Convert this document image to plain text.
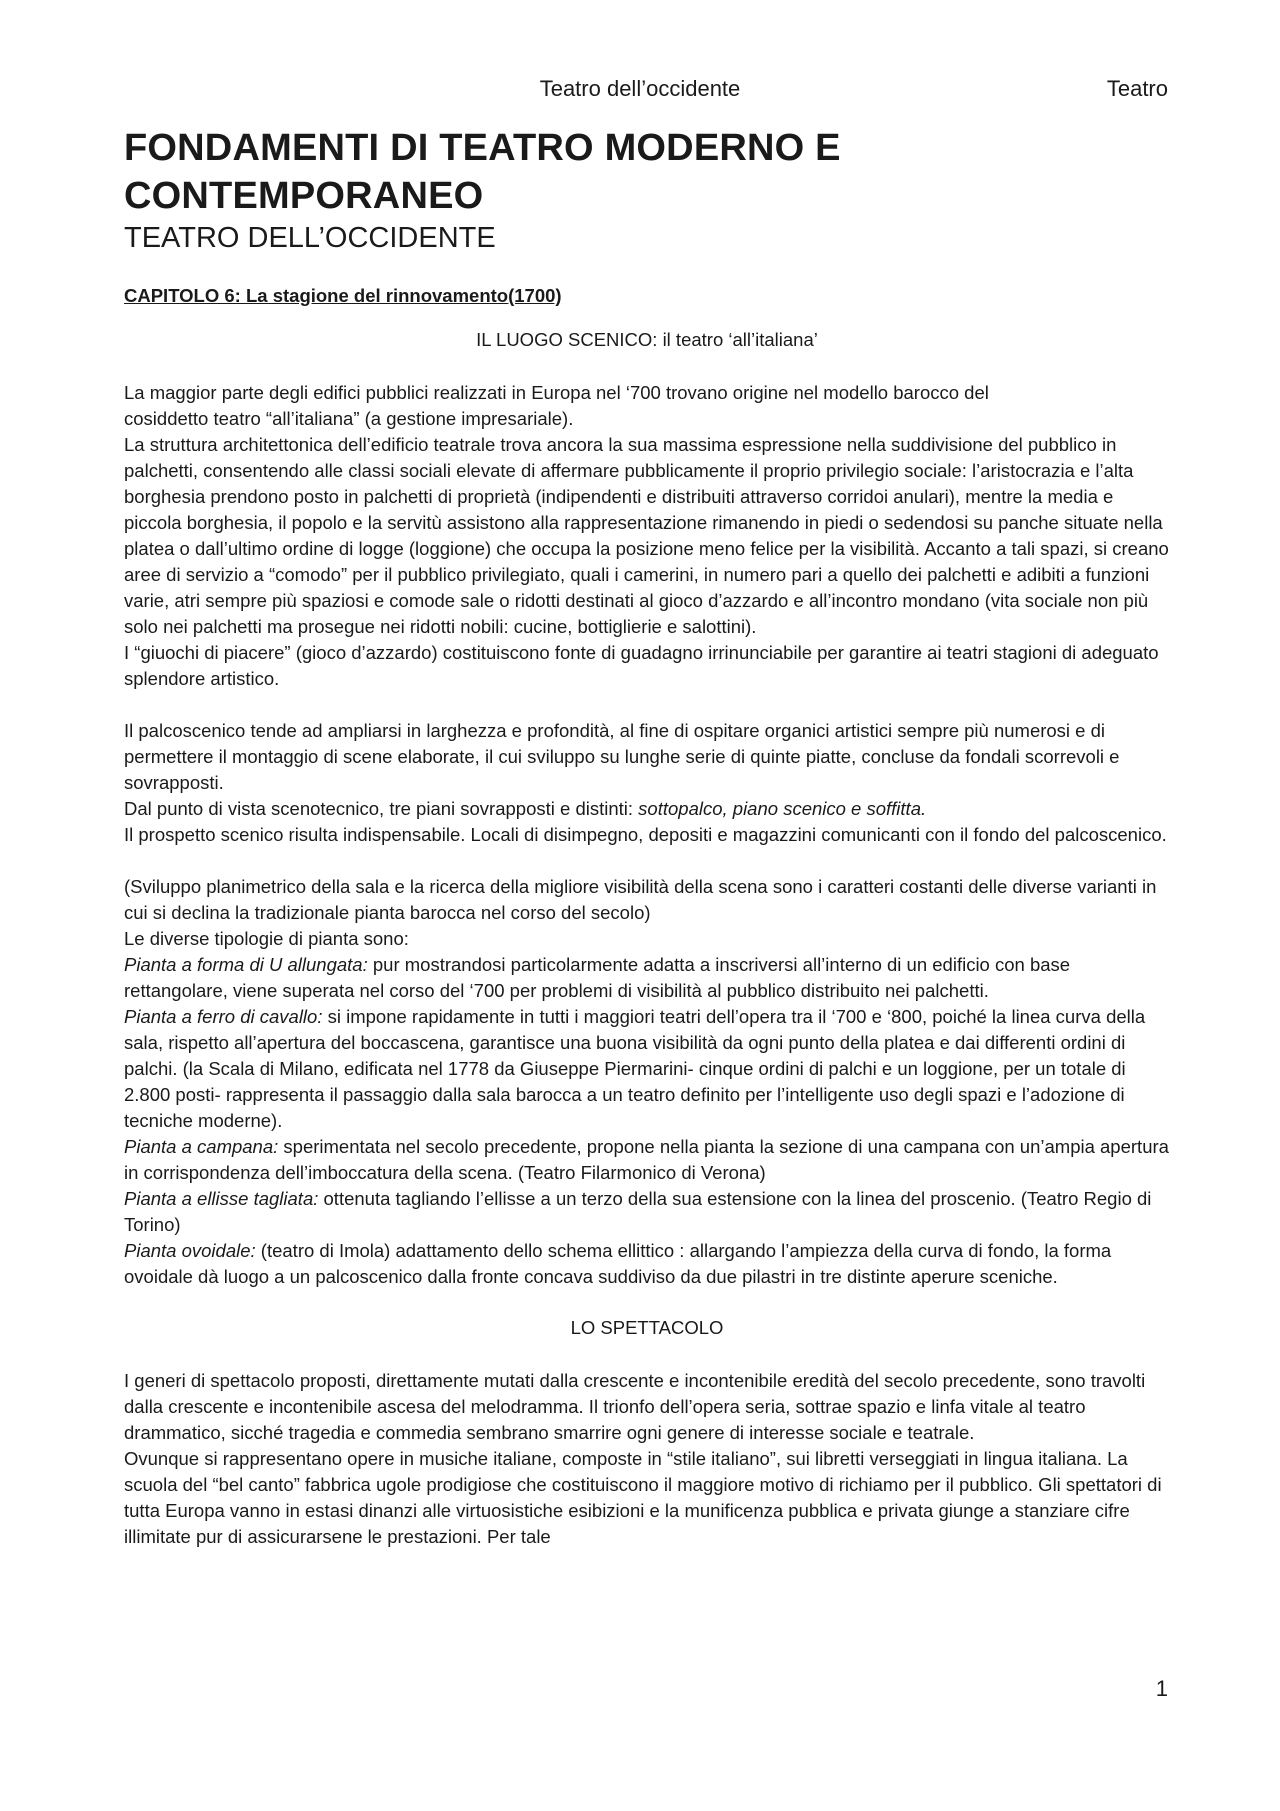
Teatro dell’occidente	Teatro
FONDAMENTI DI TEATRO MODERNO E
CONTEMPORANEO
TEATRO DELL’OCCIDENTE
CAPITOLO 6: La stagione del rinnovamento(1700)
IL LUOGO SCENICO: il teatro ‘all’italiana’

La maggior parte degli edifici pubblici realizzati in Europa nel ‘700 trovano origine nel modello barocco del
cosiddetto teatro “all’italiana” (a gestione impresariale).

La struttura architettonica dell’edificio teatrale trova ancora la sua massima espressione nella suddivisione del pubblico in palchetti, consentendo alle classi sociali elevate di affermare pubblicamente il proprio privilegio sociale: l’aristocrazia e l’alta borghesia prendono posto in palchetti di proprietà (indipendenti e distribuiti attraverso corridoi anulari), mentre la media e piccola borghesia, il popolo e la servitù assistono alla rappresentazione rimanendo in piedi o sedendosi su panche situate nella platea o dall’ultimo ordine di logge (loggione) che occupa la posizione meno felice per la visibilità. Accanto a tali spazi, si creano aree di servizio a “comodo” per il pubblico privilegiato, quali i camerini, in numero pari a quello dei palchetti e adibiti a funzioni varie, atri sempre più spaziosi e comode sale o ridotti destinati al gioco d’azzardo e all’incontro mondano (vita sociale non più solo nei palchetti ma prosegue nei ridotti nobili: cucine, bottiglierie e salottini).

I “giuochi di piacere” (gioco d’azzardo) costituiscono fonte di guadagno irrinunciabile per garantire ai teatri stagioni di adeguato splendore artistico.

Il palcoscenico tende ad ampliarsi in larghezza e profondità, al fine di ospitare organici artistici sempre più numerosi e di permettere il montaggio di scene elaborate, il cui sviluppo su lunghe serie di quinte piatte, concluse da fondali scorrevoli e sovrapposti.

Dal punto di vista scenotecnico, tre piani sovrapposti e distinti: sottopalco, piano scenico e soffitta.

Il prospetto scenico risulta indispensabile. Locali di disimpegno, depositi e magazzini comunicanti con il fondo del palcoscenico.

(Sviluppo planimetrico della sala e la ricerca della migliore visibilità della scena sono i caratteri costanti delle diverse varianti in cui si declina la tradizionale pianta barocca nel corso del secolo)

Le diverse tipologie di pianta sono:

Pianta a forma di U allungata: pur mostrandosi particolarmente adatta a inscriversi all’interno di un edificio con base rettangolare, viene superata nel corso del ‘700 per problemi di visibilità al pubblico distribuito nei palchetti.

Pianta a ferro di cavallo: si impone rapidamente in tutti i maggiori teatri dell’opera tra il ‘700 e ‘800, poiché la linea curva della sala, rispetto all’apertura del boccascena, garantisce una buona visibilità da ogni punto della platea e dai differenti ordini di palchi. (la Scala di Milano, edificata nel 1778 da Giuseppe Piermarini- cinque ordini di palchi e un loggione, per un totale di 2.800 posti- rappresenta il passaggio dalla sala barocca a un teatro definito per l’intelligente uso degli spazi e l’adozione di tecniche moderne).

Pianta a campana: sperimentata nel secolo precedente, propone nella pianta la sezione di una campana con un’ampia apertura in corrispondenza dell’imboccatura della scena. (Teatro Filarmonico di Verona)

Pianta a ellisse tagliata: ottenuta tagliando l’ellisse a un terzo della sua estensione con la linea del proscenio. (Teatro Regio di Torino)

Pianta ovoidale: (teatro di Imola) adattamento dello schema ellittico : allargando l’ampiezza della curva di fondo, la forma ovoidale dà luogo a un palcoscenico dalla fronte concava suddiviso da due pilastri in tre distinte aperure sceniche.

LO SPETTACOLO

I generi di spettacolo proposti, direttamente mutati dalla crescente e incontenibile eredità del secolo precedente, sono travolti dalla crescente e incontenibile ascesa del melodramma. Il trionfo dell’opera seria, sottrae spazio e linfa vitale al teatro drammatico, sicché tragedia e commedia sembrano smarrire ogni genere di interesse sociale e teatrale.

Ovunque si rappresentano opere in musiche italiane, composte in “stile italiano”, sui libretti verseggiati in lingua italiana. La scuola del “bel canto” fabbrica ugole prodigiose che costituiscono il maggiore motivo di richiamo per il pubblico. Gli spettatori di tutta Europa vanno in estasi dinanzi alle virtuosistiche esibizioni e la munificenza pubblica e privata giunge a stanziare cifre illimitate pur di assicurarsene le prestazioni. Per tale

1
